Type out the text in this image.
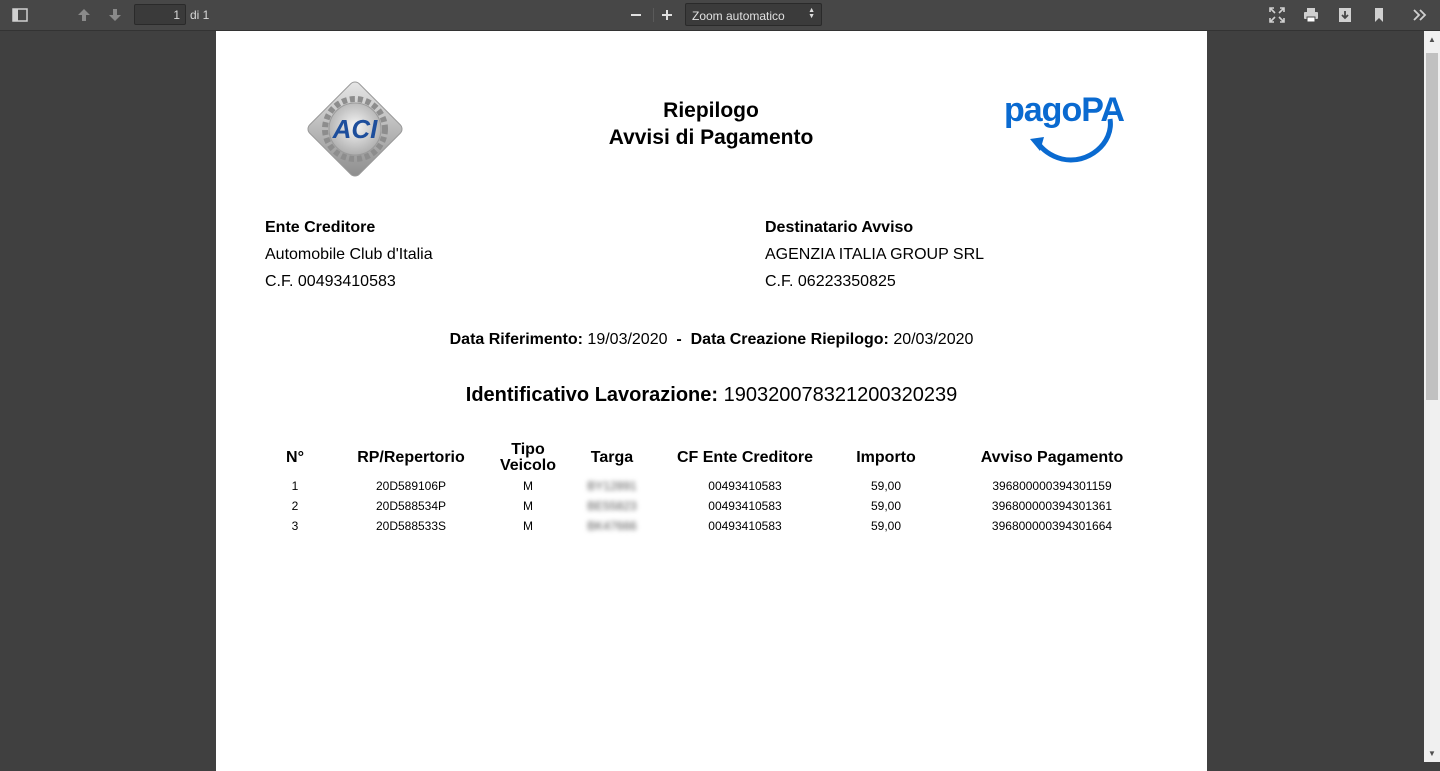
1 di 1	Zoom automatico	▲
▼
ACI
Riepilogo
Avvisi di Pagamento
pagoPA
Ente Creditore
Automobile Club d'Italia
C.F. 00493410583
Destinatario Avviso
AGENZIA ITALIA GROUP SRL
C.F. 06223350825
Data Riferimento: 19/03/2020 - Data Creazione Riepilogo: 20/03/2020
Identificativo Lavorazione: 19032007832120032023​9
N°	RP/Repertorio	Tipo Veicolo	Targa	CF Ente Creditore	Importo	Avviso Pagamento
1	20D589106P	M	BY12891	00493410583	59,00	396800000394301159
2	20D588534P	M	BE55823	00493410583	59,00	396800000394301361
3	20D588533S	M	BK47666	00493410583	59,00	396800000394301664
▲
▼
